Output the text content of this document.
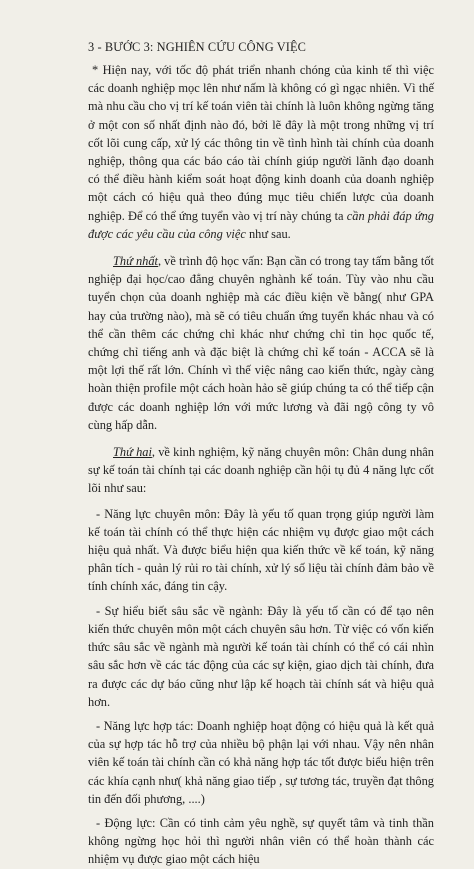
3 - BƯỚC 3: NGHIÊN CỨU CÔNG VIỆC

* Hiện nay, với tốc độ phát triển nhanh chóng của kinh tế thì việc các doanh nghiệp mọc lên như nấm là không có gì ngạc nhiên. Vì thế mà nhu cầu cho vị trí kế toán viên tài chính là luôn không ngừng tăng ở một con số nhất định nào đó, bởi lẽ đây là một trong những vị trí cốt lõi cung cấp, xử lý các thông tin về tình hình tài chính của doanh nghiệp, thông qua các báo cáo tài chính giúp người lãnh đạo doanh có thể điều hành kiểm soát hoạt động kinh doanh của doanh nghiệp một cách có hiệu quả theo đúng mục tiêu chiến lược của doanh nghiệp. Để có thể ứng tuyển vào vị trí này chúng ta cần phải đáp ứng được các yêu cầu của công việc như sau.

Thứ nhất, về trình độ học vấn: Bạn cần có trong tay tấm bằng tốt nghiệp đại học/cao đẳng chuyên nghành kế toán. Tùy vào nhu cầu tuyển chọn của doanh nghiệp mà các điều kiện về bằng( như GPA hay của trường nào), mà sẽ có tiêu chuẩn ứng tuyển khác nhau và có thể cần thêm các chứng chỉ khác như chứng chỉ tin học quốc tế, chứng chỉ tiếng anh và đặc biệt là chứng chỉ kế toán - ACCA sẽ là một lợi thế rất lớn. Chính vì thế việc nâng cao kiến thức, ngày càng hoàn thiện profile một cách hoàn hảo sẽ giúp chúng ta có thể tiếp cận được các doanh nghiệp lớn với mức lương và đãi ngộ công ty vô cùng hấp dẫn.

Thứ hai, về kinh nghiệm, kỹ năng chuyên môn: Chân dung nhân sự kế toán tài chính tại các doanh nghiệp cần hội tụ đủ 4 năng lực cốt lõi như sau:

- Năng lực chuyên môn: Đây là yếu tố quan trọng giúp người làm kế toán tài chính có thể thực hiện các nhiệm vụ được giao một cách hiệu quả nhất. Và được biểu hiện qua kiến thức về kế toán, kỹ năng phân tích - quản lý rủi ro tài chính, xử lý số liệu tài chính đảm bảo về tính chính xác, đáng tin cậy.

- Sự hiểu biết sâu sắc về ngành: Đây là yếu tố cần có để tạo nên kiến thức chuyên môn một cách chuyên sâu hơn. Từ việc có vốn kiến thức sâu sắc về ngành mà người kế toán tài chính có thể có cái nhìn sâu sắc hơn về các tác động của các sự kiện, giao dịch tài chính, đưa ra được các dự báo cũng như lập kế hoạch tài chính sát và hiệu quả hơn.

- Năng lực hợp tác: Doanh nghiệp hoạt động có hiệu quả là kết quả của sự hợp tác hỗ trợ của nhiều bộ phận lại với nhau. Vậy nên nhân viên kế toán tài chính cần có khả năng hợp tác tốt được biểu hiện trên các khía cạnh như( khả năng giao tiếp , sự tương tác, truyền đạt thông tin đến đối phương, ....)

- Động lực: Cần có tinh cảm yêu nghề, sự quyết tâm và tinh thần không ngừng học hỏi thì người nhân viên có thể hoàn thành các nhiệm vụ được giao một cách hiệu
